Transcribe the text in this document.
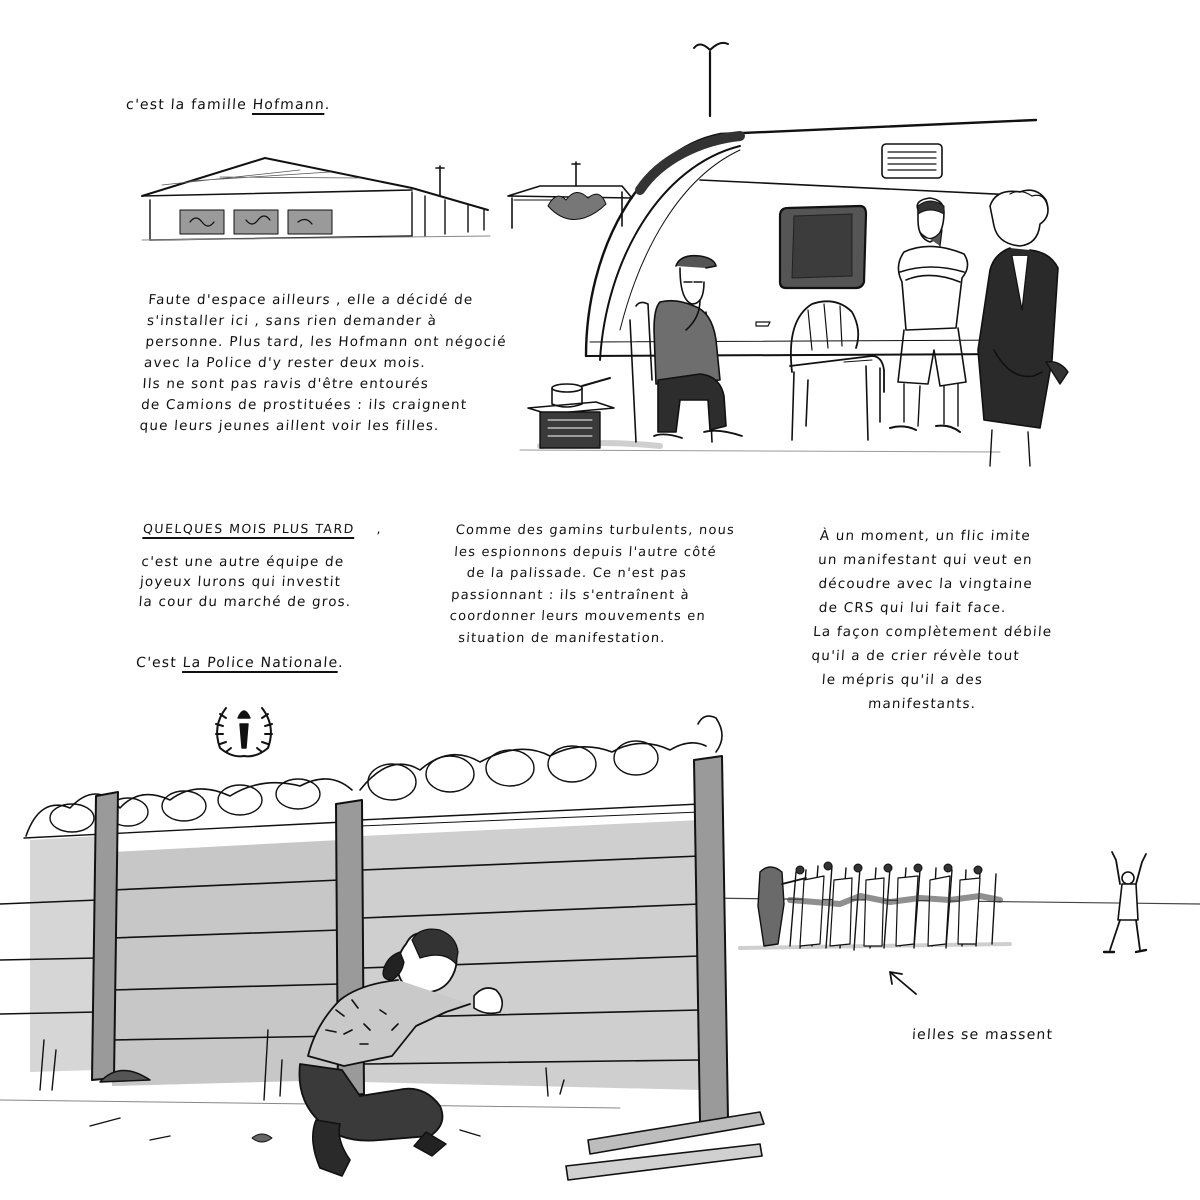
c'est la famille Hofmann.
Faute d'espace ailleurs , elle a décidé de
s'installer ici , sans rien demander à
personne. Plus tard, les Hofmann ont négocié
avec la Police d'y rester deux mois.
Ils ne sont pas ravis d'être entourés
de Camions de prostituées : ils craignent
que leurs jeunes aillent voir les filles.
QUELQUES MOIS PLUS TARD ,
c'est une autre équipe de
joyeux lurons qui investit
la cour du marché de gros.
C'est La Police Nationale.
Comme des gamins turbulents, nous
les espionnons depuis l'autre côté
de la palissade. Ce n'est pas
passionnant : ils s'entraînent à
coordonner leurs mouvements en
situation de manifestation.
À un moment, un flic imite
un manifestant qui veut en
découdre avec la vingtaine
de CRS qui lui fait face.
La façon complètement débile
qu'il a de crier révèle tout
le mépris qu'il a des
manifestants.
ielles se massent
